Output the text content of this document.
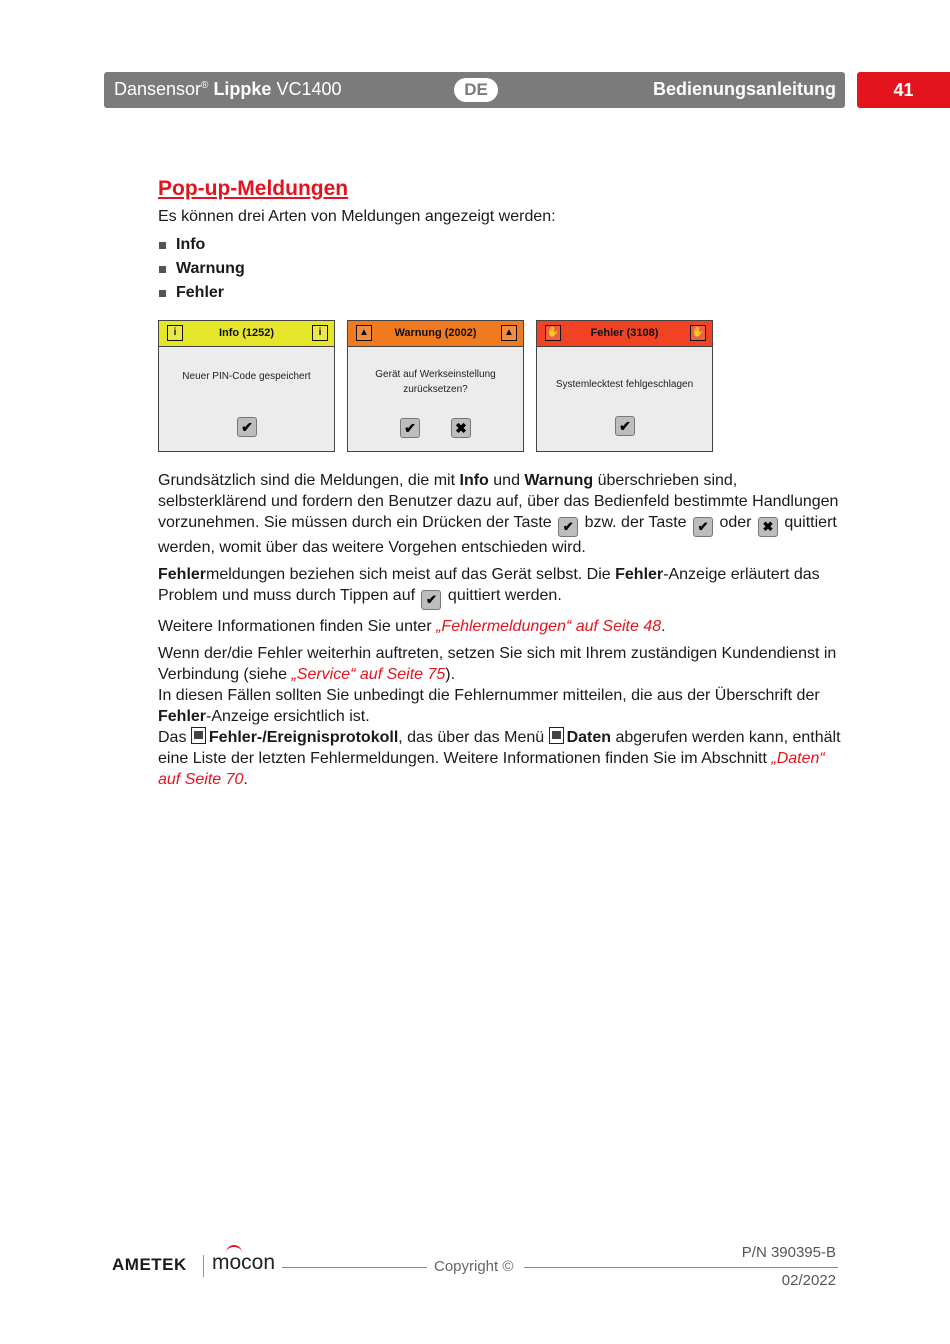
Dansensor® Lippke VC1400	DE	Bedienungsanleitung	41
Pop-up-Meldungen

Es können drei Arten von Meldungen angezeigt werden:

Info
Warnung
Fehler
i	Info (1252)	i
Neuer PIN-Code gespeichert
✔
▲ Warnung (2002)	▲
Gerät auf Werkseinstellung
zurücksetzen?
✔	✖
✋	Fehler (3108)	✋
Systemlecktest fehlgeschlagen
✔

Grundsätzlich sind die Meldungen, die mit Info und Warnung überschrieben sind, selbsterklärend und fordern den Benutzer dazu auf, über das Bedienfeld bestimmte Handlungen vorzunehmen. Sie müssen durch ein Drücken der Taste ✔ bzw. der Taste ✔ oder ✖ quittiert werden, womit über das weitere Vorgehen entschieden wird.

Fehlermeldungen beziehen sich meist auf das Gerät selbst. Die Fehler-Anzeige erläutert das Problem und muss durch Tippen auf ✔ quittiert werden.

Weitere Informationen finden Sie unter „Fehlermeldungen“ auf Seite 48.

Wenn der/die Fehler weiterhin auftreten, setzen Sie sich mit Ihrem zuständigen Kundendienst in Verbindung (siehe „Service“ auf Seite 75).
In diesen Fällen sollten Sie unbedingt die Fehlernummer mitteilen, die aus der Überschrift der Fehler-Anzeige ersichtlich ist.
Das Fehler-/Ereignisprotokoll, das über das Menü Daten abgerufen werden kann, enthält eine Liste der letzten Fehlermeldungen. Weitere Informationen finden Sie im Abschnitt „Daten“ auf Seite 70.

AMETEK mocon	Copyright ©
P/N 390395-B
02/2022
